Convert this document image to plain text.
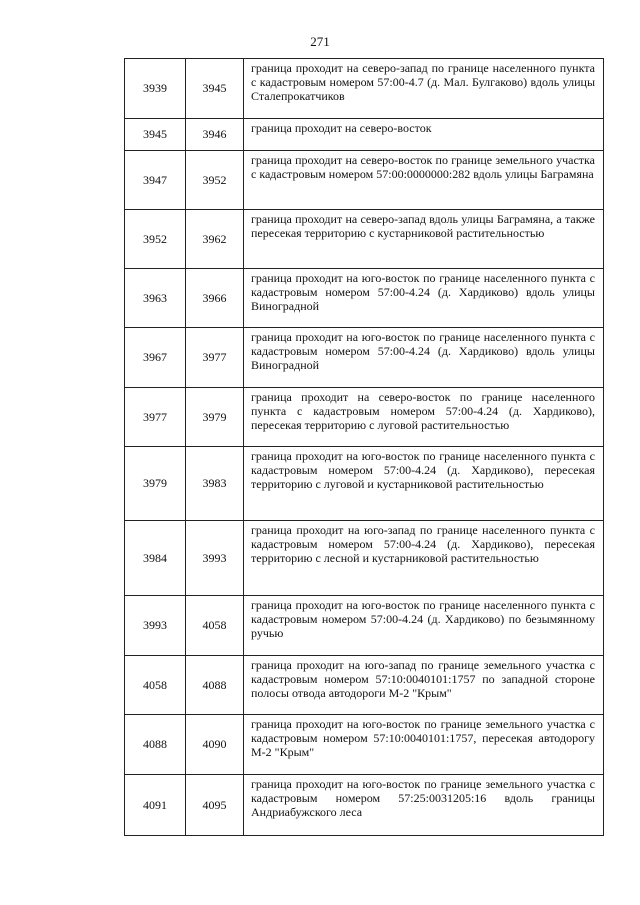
271
3939	3945	граница проходит на северо-запад по границе населенного пункта с кадастровым номером 57:00-4.7 (д. Мал. Булгаково) вдоль улицы Сталепрокатчиков
3945	3946	граница проходит на северо-восток
3947	3952	граница проходит на северо-восток по границе земельного участка с кадастровым номером 57:00:0000000:282 вдоль улицы Баграмяна
3952	3962	граница проходит на северо-запад вдоль улицы Баграмяна, а также пересекая территорию с кустарниковой растительностью
3963	3966	граница проходит на юго-восток по границе населенного пункта с кадастровым номером 57:00-4.24 (д. Хардиково) вдоль улицы Виноградной
3967	3977	граница проходит на юго-восток по границе населенного пункта с кадастровым номером 57:00-4.24 (д. Хардиково) вдоль улицы Виноградной
3977	3979	граница проходит на северо-восток по границе населенного пункта с кадастровым номером 57:00-4.24 (д. Хардиково), пересекая территорию с луговой растительностью
3979	3983	граница проходит на юго-восток по границе населенного пункта с кадастровым номером 57:00-4.24 (д. Хардиково), пересекая территорию с луговой и кустарниковой растительностью
3984	3993	граница проходит на юго-запад по границе населенного пункта с кадастровым номером 57:00-4.24 (д. Хардиково), пересекая территорию с лесной и кустарниковой растительностью
3993	4058	граница проходит на юго-восток по границе населенного пункта с кадастровым номером 57:00-4.24 (д. Хардиково) по безымянному ручью
4058	4088	граница проходит на юго-запад по границе земельного участка с кадастровым номером 57:10:0040101:1757 по западной стороне полосы отвода автодороги М-2 "Крым"
4088	4090	граница проходит на юго-восток по границе земельного участка с кадастровым номером 57:10:0040101:1757, пересекая автодорогу М-2 "Крым"
4091	4095	граница проходит на юго-восток по границе земельного участка с кадастровым номером 57:25:0031205:16 вдоль границы Андриабужского леса
